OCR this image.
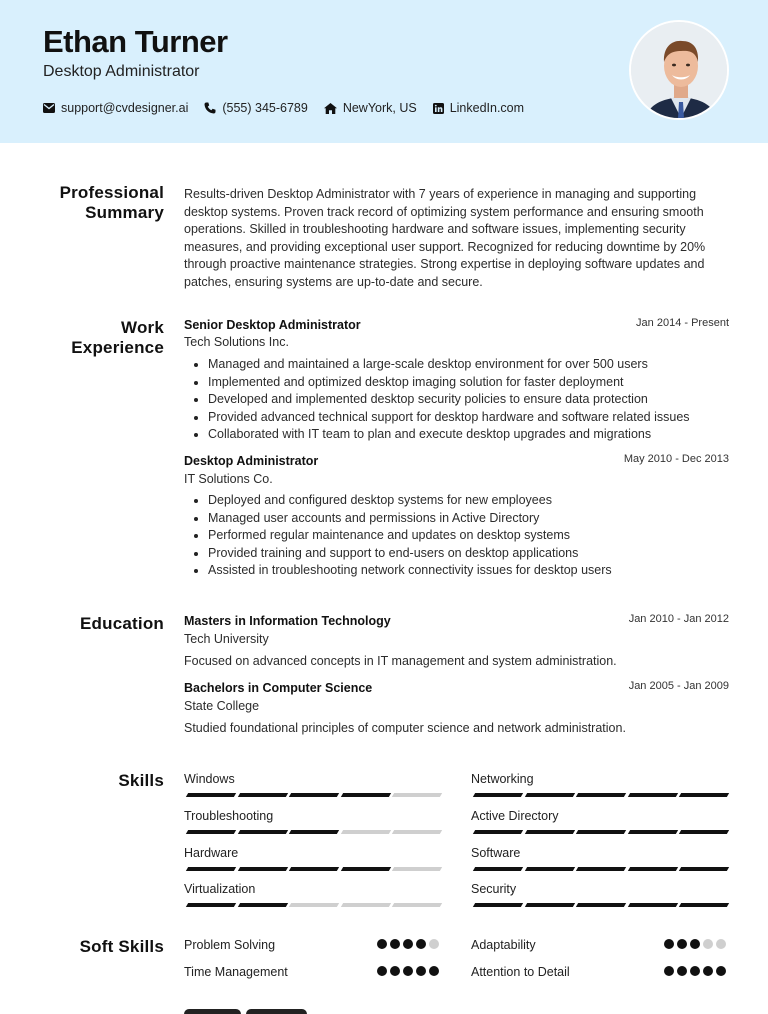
Ethan Turner
Desktop Administrator
support@cvdesigner.ai	(555) 345-6789	NewYork, US	LinkedIn.com
Professional Summary
Results-driven Desktop Administrator with 7 years of experience in managing and supporting desktop systems. Proven track record of optimizing system performance and ensuring smooth operations. Skilled in troubleshooting hardware and software issues, implementing security measures, and providing exceptional user support. Recognized for reducing downtime by 20% through proactive maintenance strategies. Strong expertise in deploying software updates and patches, ensuring systems are up-to-date and secure.
Work Experience
Senior Desktop Administrator	Jan 2014 - Present
Tech Solutions Inc.
Managed and maintained a large-scale desktop environment for over 500 users
Implemented and optimized desktop imaging solution for faster deployment
Developed and implemented desktop security policies to ensure data protection
Provided advanced technical support for desktop hardware and software related issues
Collaborated with IT team to plan and execute desktop upgrades and migrations
Desktop Administrator	May 2010 - Dec 2013
IT Solutions Co.
Deployed and configured desktop systems for new employees
Managed user accounts and permissions in Active Directory
Performed regular maintenance and updates on desktop systems
Provided training and support to end-users on desktop applications
Assisted in troubleshooting network connectivity issues for desktop users
Education Masters in Information Technology	Jan 2010 - Jan 2012
Tech University
Focused on advanced concepts in IT management and system administration.
Bachelors in Computer Science	Jan 2005 - Jan 2009
State College
Studied foundational principles of computer science and network administration.
Skills Windows	Networking
Troubleshooting	Active Directory
Hardware	Software
Virtualization	Security
Soft Skills Problem Solving	Adaptability
Time Management	Attention to Detail
